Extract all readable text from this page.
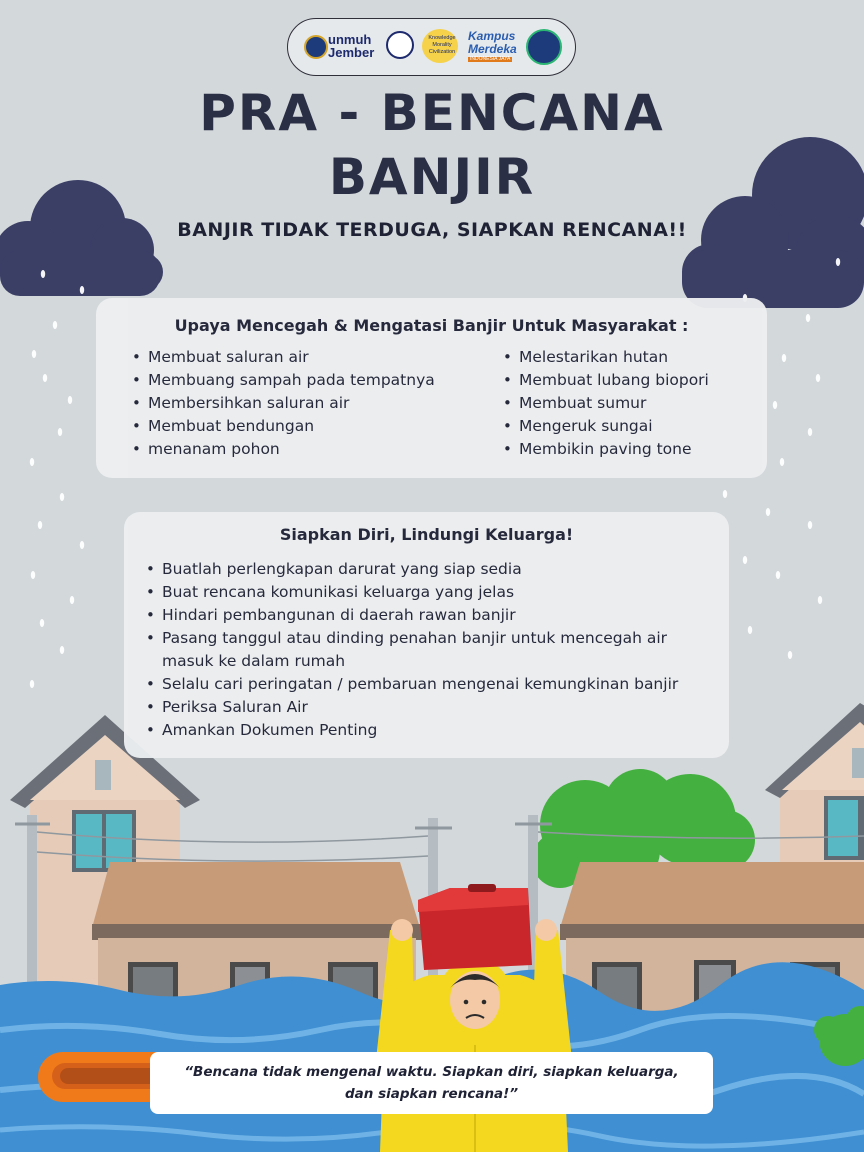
unmuh
Jember
Knowledge
Morality
Civilization
Kampus
Merdeka
INDONESIA JAYA
PRA - BENCANA
BANJIR
BANJIR TIDAK TERDUGA, SIAPKAN RENCANA!!
Upaya Mencegah & Mengatasi Banjir Untuk Masyarakat :
• Membuat saluran air
• Membuang sampah pada tempatnya
• Membersihkan saluran air
• Membuat bendungan
• menanam pohon
• Melestarikan hutan
• Membuat lubang biopori
• Membuat sumur
• Mengeruk sungai
• Membikin paving tone
Siapkan Diri, Lindungi Keluarga!
• Buatlah perlengkapan darurat yang siap sedia
• Buat rencana komunikasi keluarga yang jelas
• Hindari pembangunan di daerah rawan banjir
• Pasang tanggul atau dinding penahan banjir untuk mencegah air masuk ke dalam rumah
• Selalu cari peringatan / pembaruan mengenai kemungkinan banjir
• Periksa Saluran Air
• Amankan Dokumen Penting
“Bencana tidak mengenal waktu. Siapkan diri, siapkan keluarga, dan siapkan rencana!”
